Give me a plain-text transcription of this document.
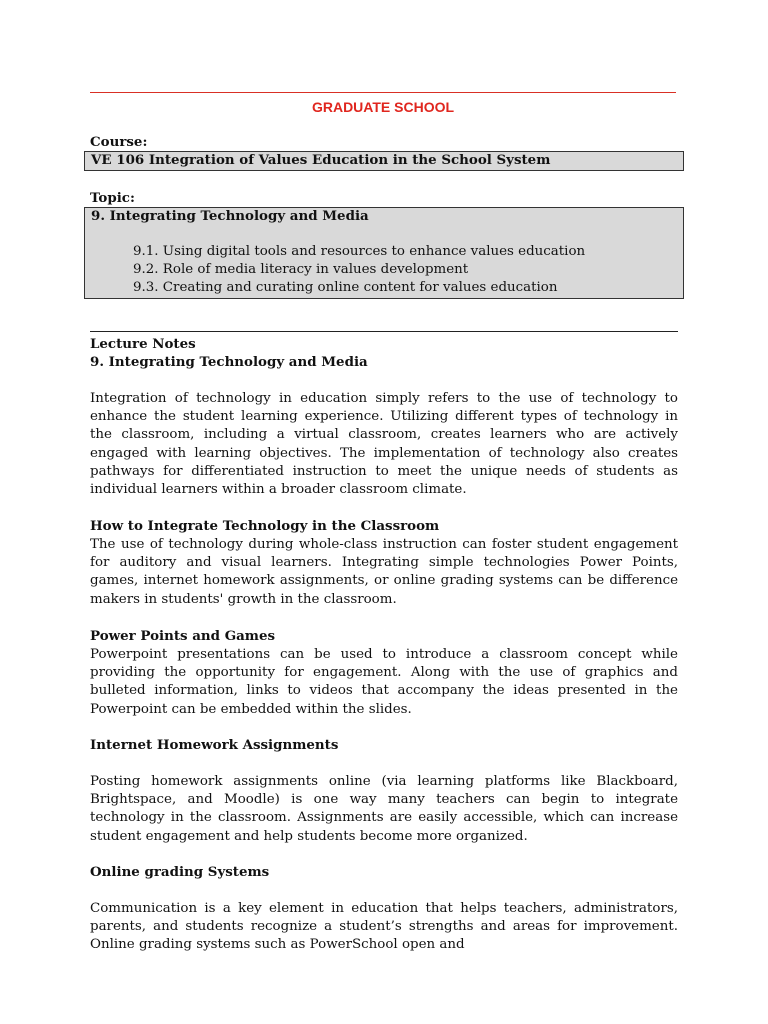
GRADUATE SCHOOL
Course:
VE 106 Integration of Values Education in the School System
Topic:
9. Integrating Technology and Media
9.1. Using digital tools and resources to enhance values education
9.2. Role of media literacy in values development
9.3. Creating and curating online content for values education
Lecture Notes
9. Integrating Technology and Media

Integration of technology in education simply refers to the use of technology to enhance the student learning experience. Utilizing different types of technology in the classroom, including a virtual classroom, creates learners who are actively engaged with learning objectives. The implementation of technology also creates pathways for differentiated instruction to meet the unique needs of students as individual learners within a broader classroom climate.

How to Integrate Technology in the Classroom

The use of technology during whole-class instruction can foster student engagement for auditory and visual learners. Integrating simple technologies Power Points, games, internet homework assignments, or online grading systems can be difference makers in students' growth in the classroom.

Power Points and Games

Powerpoint presentations can be used to introduce a classroom concept while providing the opportunity for engagement. Along with the use of graphics and bulleted information, links to videos that accompany the ideas presented in the Powerpoint can be embedded within the slides.

Internet Homework Assignments

Posting homework assignments online (via learning platforms like Blackboard, Brightspace, and Moodle) is one way many teachers can begin to integrate technology in the classroom. Assignments are easily accessible, which can increase student engagement and help students become more organized.

Online grading Systems

Communication is a key element in education that helps teachers, administrators, parents, and students recognize a student’s strengths and areas for improvement. Online grading systems such as PowerSchool open and
